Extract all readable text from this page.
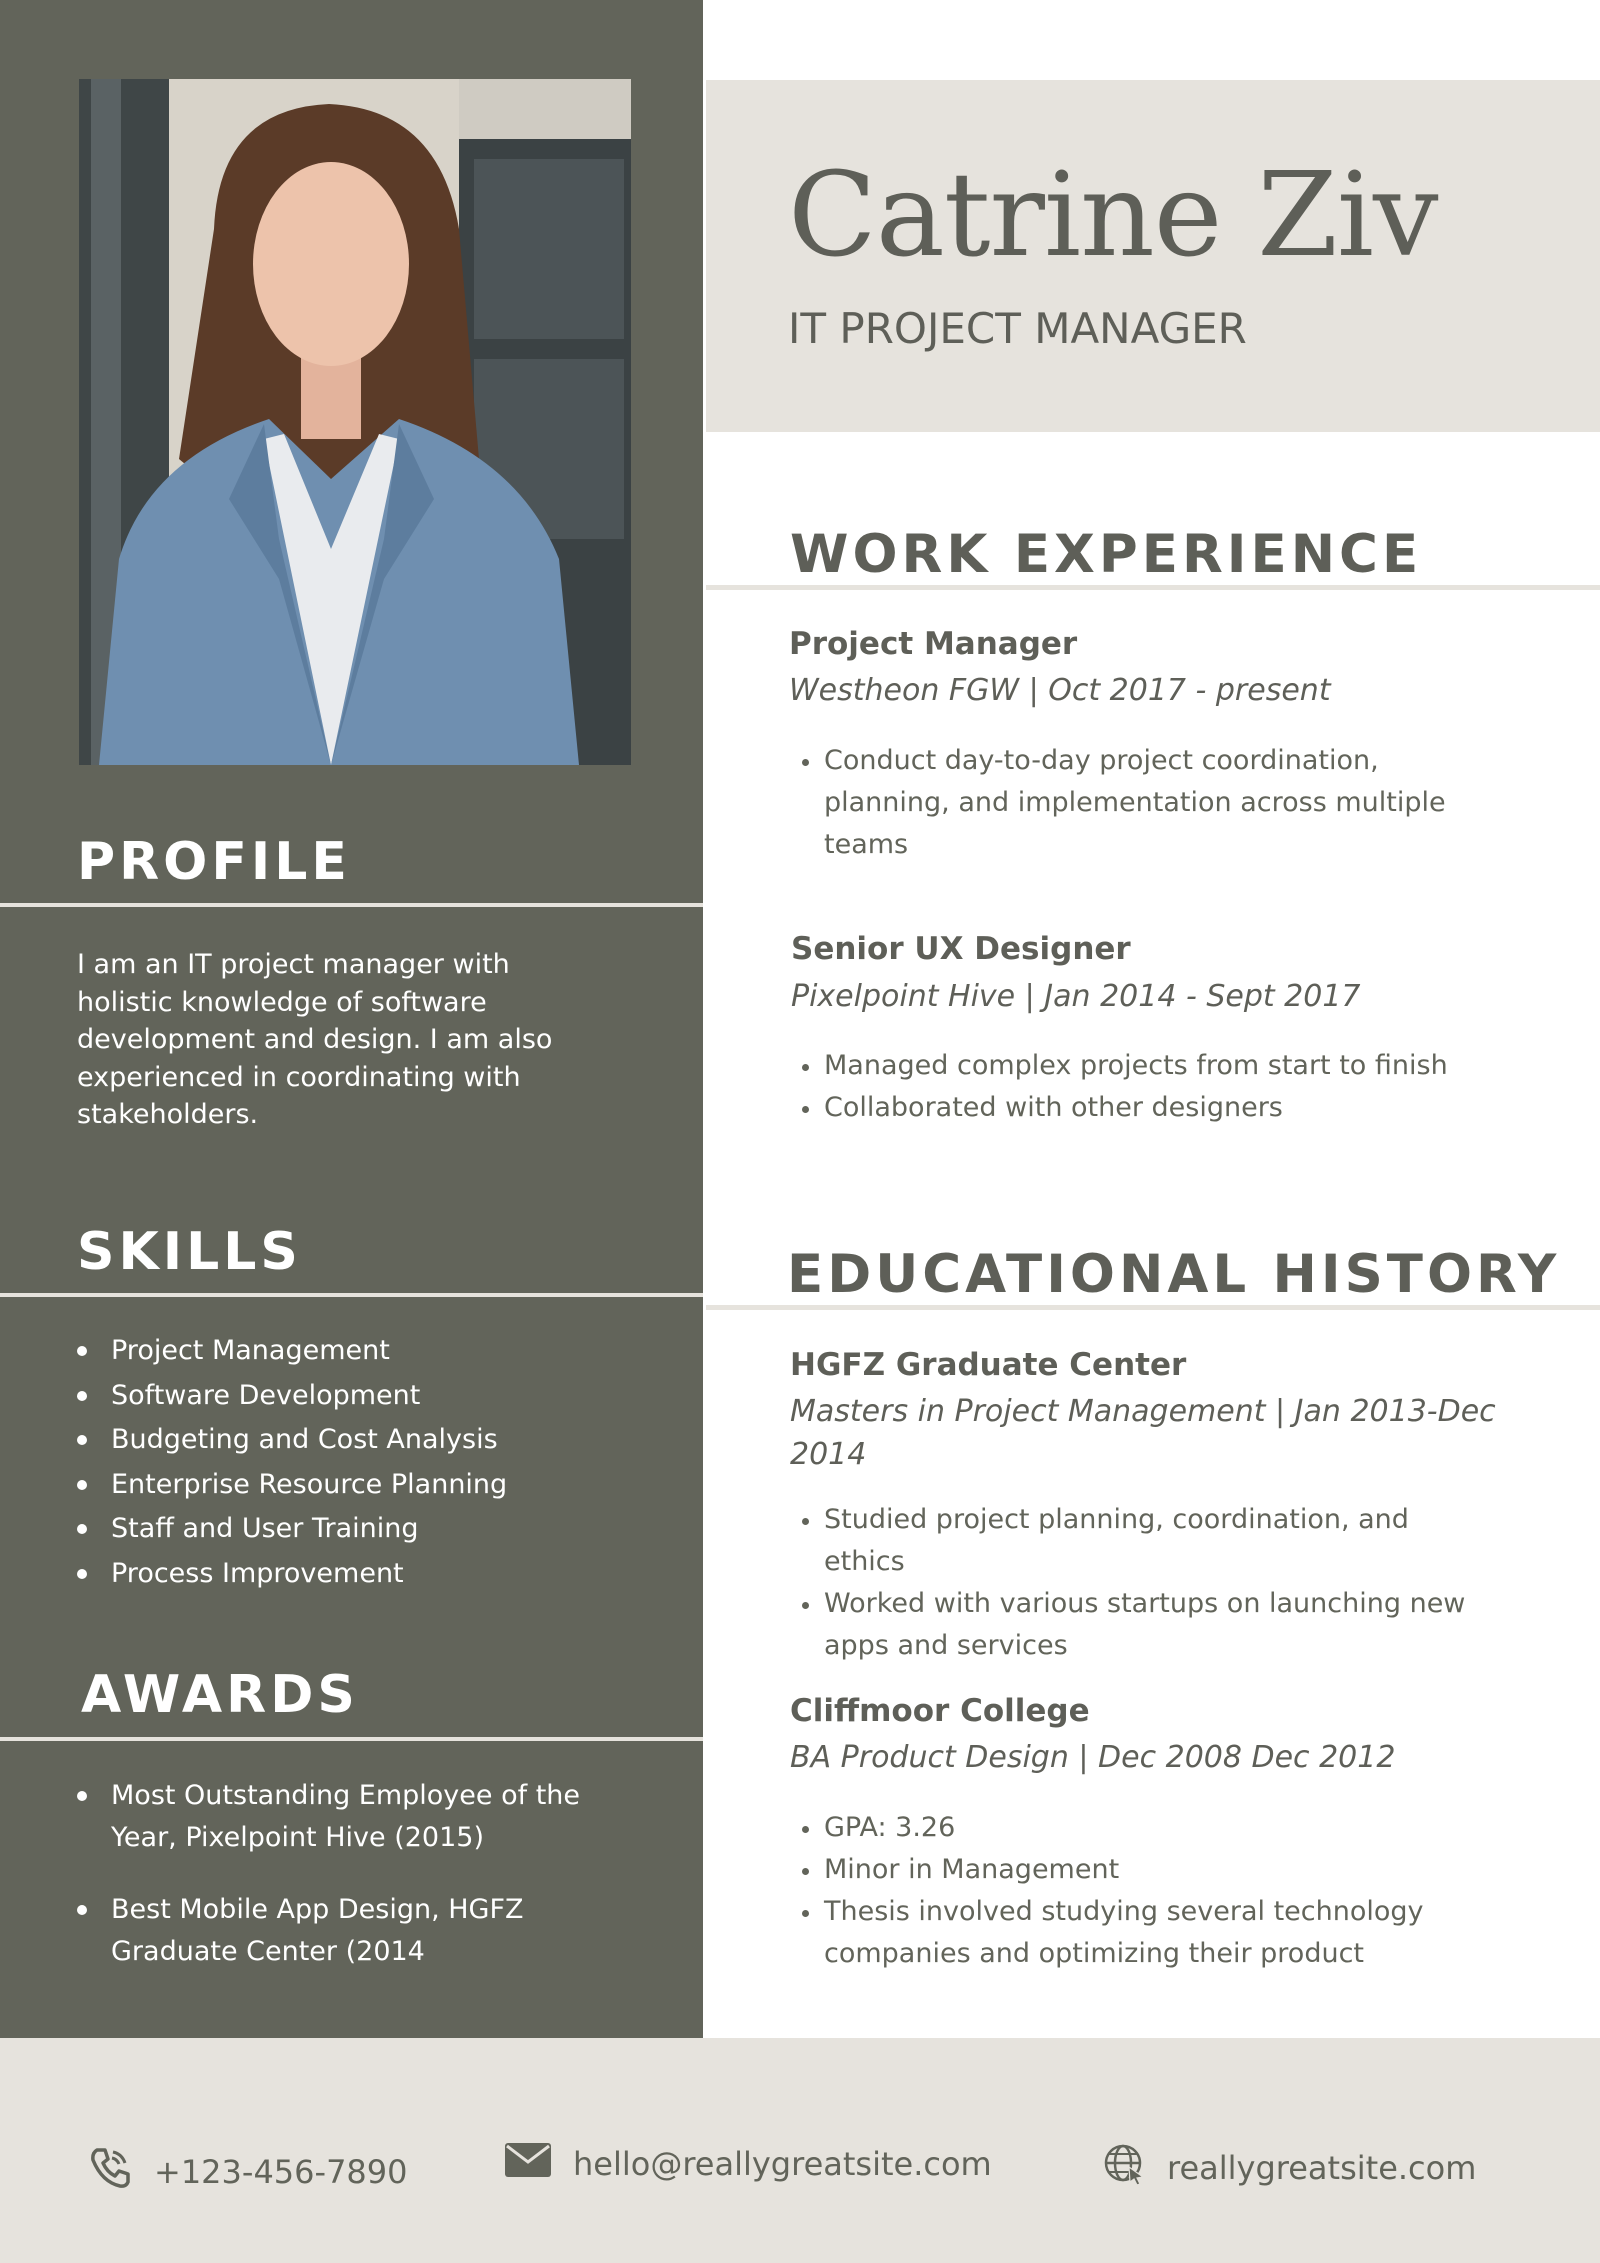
PROFILE

I am an IT project manager with holistic knowledge of software development and design. I am also experienced in coordinating with stakeholders.

SKILLS
Project Management
Software Development
Budgeting and Cost Analysis
Enterprise Resource Planning
Staff and User Training
Process Improvement
AWARDS
Most Outstanding Employee of the Year, Pixelpoint Hive (2015)
Best Mobile App Design, HGFZ Graduate Center (2014
Catrine Ziv

IT PROJECT MANAGER

WORK EXPERIENCE

Project Manager

Westheon FGW | Oct 2017 - present

Conduct day-to-day project coordination, planning, and implementation across multiple teams

Senior UX Designer

Pixelpoint Hive | Jan 2014 - Sept 2017

Managed complex projects from start to finish
Collaborated with other designers
EDUCATIONAL HISTORY

HGFZ Graduate Center

Masters in Project Management | Jan 2013-Dec 2014

Studied project planning, coordination, and ethics
Worked with various startups on launching new apps and services

Cliffmoor College

BA Product Design | Dec 2008 Dec 2012

GPA: 3.26
Minor in Management
Thesis involved studying several technology companies and optimizing their product
+123-456-7890	hello@reallygreatsite.com	reallygreatsite.com
